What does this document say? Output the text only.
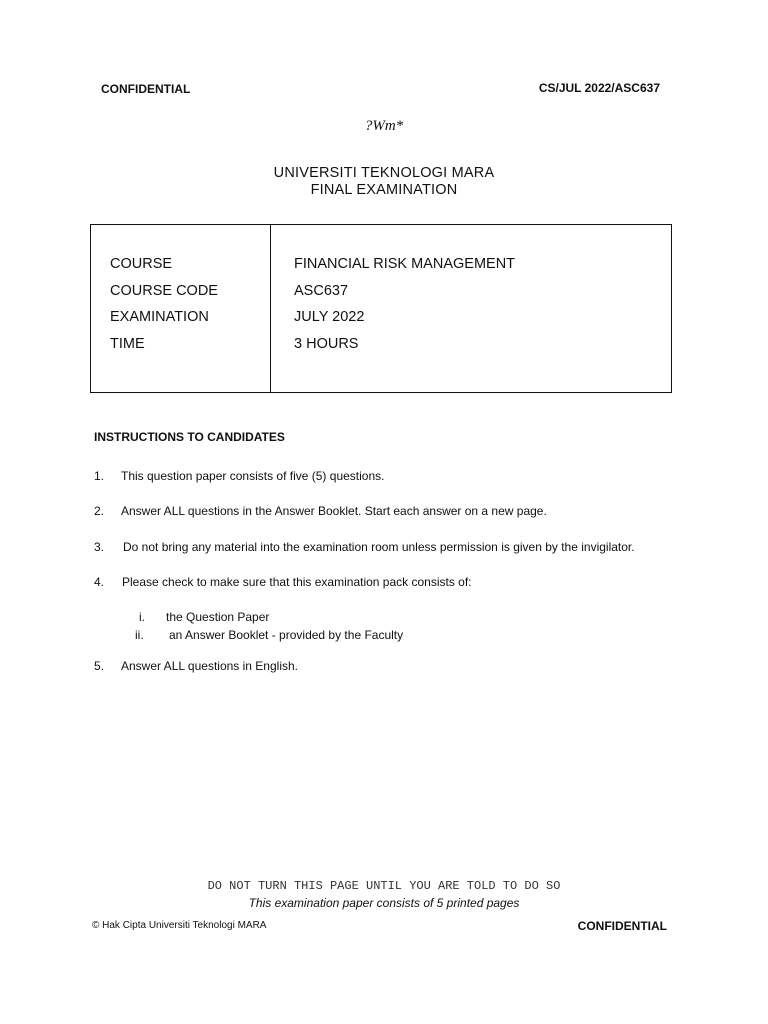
CONFIDENTIAL	CS/JUL 2022/ASC637
?Wm*
UNIVERSITI TEKNOLOGI MARA
FINAL EXAMINATION
COURSE	FINANCIAL RISK MANAGEMENT
COURSE CODE	ASC637
EXAMINATION	JULY 2022
TIME	3 HOURS
INSTRUCTIONS TO CANDIDATES
1. This question paper consists of five (5) questions.
2. Answer ALL questions in the Answer Booklet. Start each answer on a new page.
3. Do not bring any material into the examination room unless permission is given by the invigilator.
4. Please check to make sure that this examination pack consists of:
i. the Question Paper
ii. an Answer Booklet - provided by the Faculty
5. Answer ALL questions in English.
DO NOT TURN THIS PAGE UNTIL YOU ARE TOLD TO DO SO
This examination paper consists of 5 printed pages
© Hak Cipta Universiti Teknologi MARA	CONFIDENTIAL
